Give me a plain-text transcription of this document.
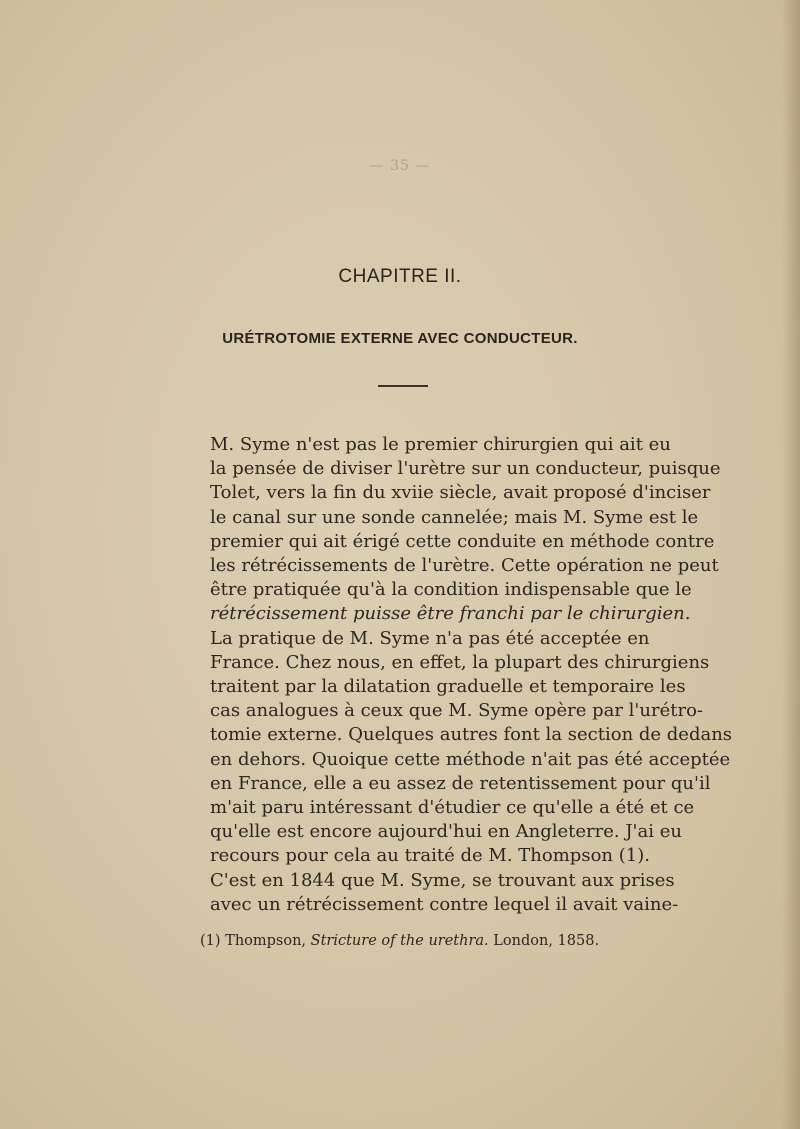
— 35 —
CHAPITRE II.
URÉTROTOMIE EXTERNE AVEC CONDUCTEUR.

M. Syme n'est pas le premier chirurgien qui ait eu
la pensée de diviser l'urètre sur un conducteur, puisque
Tolet, vers la fin du xviie siècle, avait proposé d'inciser
le canal sur une sonde cannelée; mais M. Syme est le
premier qui ait érigé cette conduite en méthode contre
les rétrécissements de l'urètre. Cette opération ne peut
être pratiquée qu'à la condition indispensable que le
rétrécissement puisse être franchi par le chirurgien.

La pratique de M. Syme n'a pas été acceptée en
France. Chez nous, en effet, la plupart des chirurgiens
traitent par la dilatation graduelle et temporaire les
cas analogues à ceux que M. Syme opère par l'urétro-
tomie externe. Quelques autres font la section de dedans
en dehors. Quoique cette méthode n'ait pas été acceptée
en France, elle a eu assez de retentissement pour qu'il
m'ait paru intéressant d'étudier ce qu'elle a été et ce
qu'elle est encore aujourd'hui en Angleterre. J'ai eu
recours pour cela au traité de M. Thompson (1).

C'est en 1844 que M. Syme, se trouvant aux prises
avec un rétrécissement contre lequel il avait vaine-

(1) Thompson, Stricture of the urethra. London, 1858.
